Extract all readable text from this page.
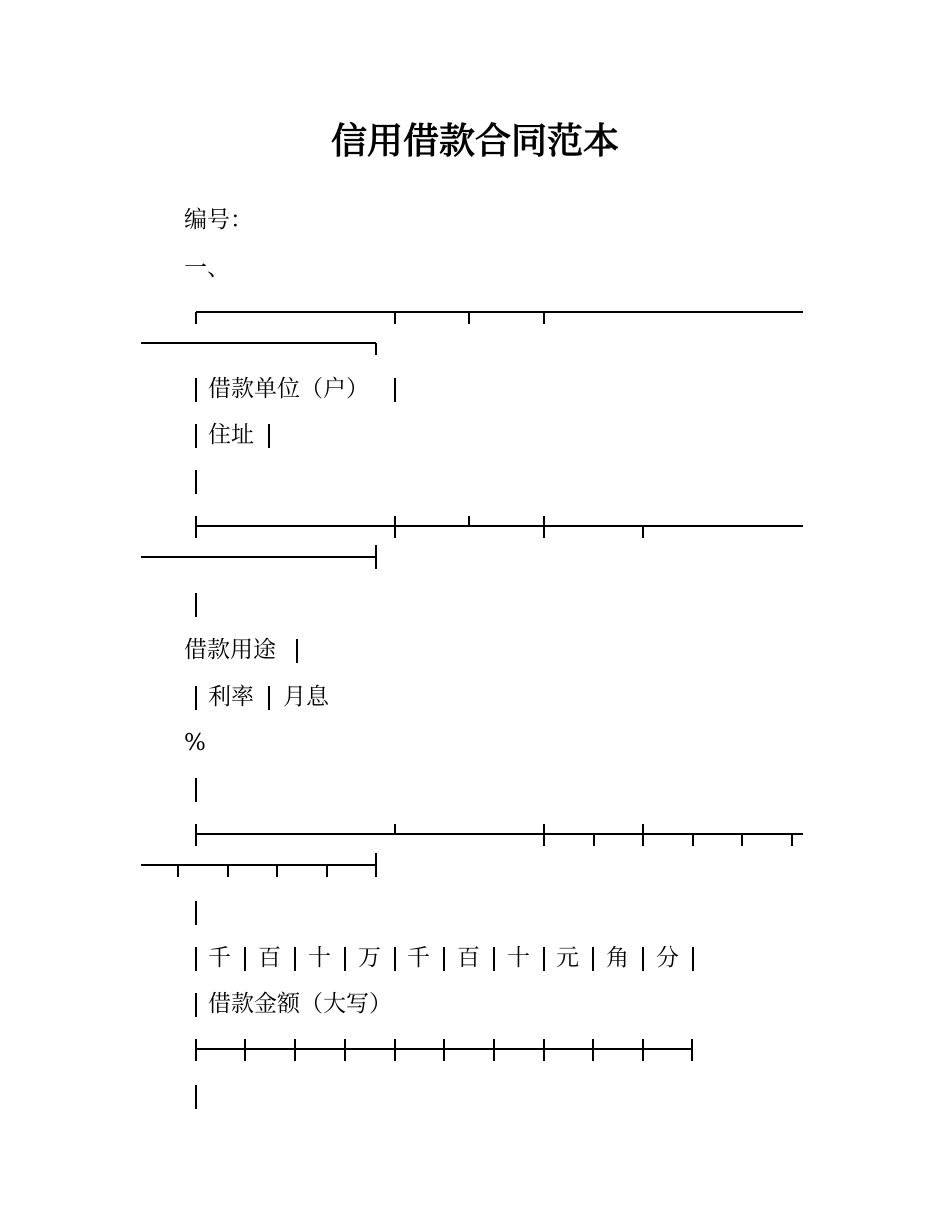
信用借款合同范本

编号：

一、

借款单位（户）

住址

借款用途

利率 月息

%

千 百 十 万 千 百 十 元 角 分

借款金额（大写）
